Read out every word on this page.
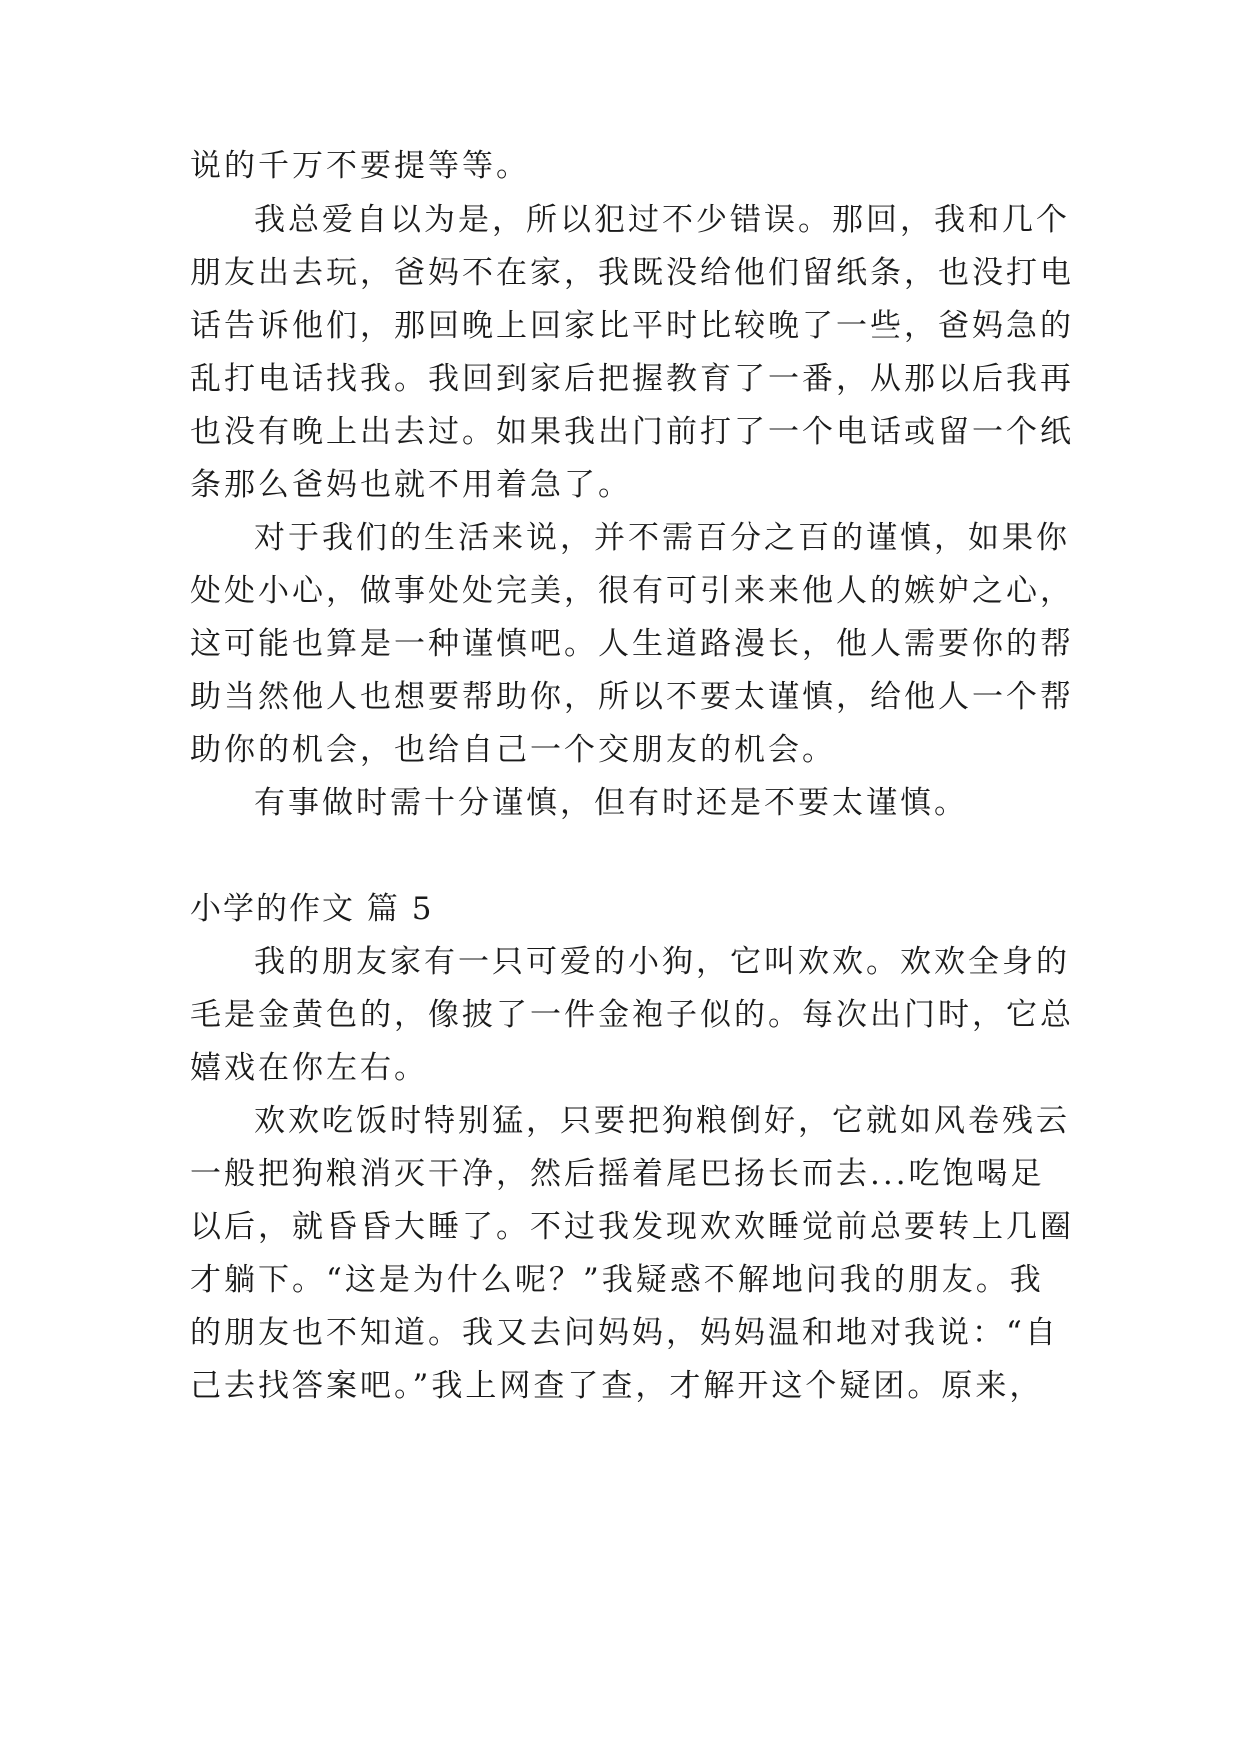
说的千万不要提等等。
我总爱自以为是，所以犯过不少错误。那回，我和几个
朋友出去玩，爸妈不在家，我既没给他们留纸条，也没打电
话告诉他们，那回晚上回家比平时比较晚了一些，爸妈急的
乱打电话找我。我回到家后把握教育了一番，从那以后我再
也没有晚上出去过。如果我出门前打了一个电话或留一个纸
条那么爸妈也就不用着急了。
对于我们的生活来说，并不需百分之百的谨慎，如果你
处处小心，做事处处完美，很有可引来来他人的嫉妒之心，
这可能也算是一种谨慎吧。人生道路漫长，他人需要你的帮
助当然他人也想要帮助你，所以不要太谨慎，给他人一个帮
助你的机会，也给自己一个交朋友的机会。
有事做时需十分谨慎，但有时还是不要太谨慎。
小学的作文 篇 5
我的朋友家有一只可爱的小狗，它叫欢欢。欢欢全身的
毛是金黄色的，像披了一件金袍子似的。每次出门时，它总
嬉戏在你左右。
欢欢吃饭时特别猛，只要把狗粮倒好，它就如风卷残云
一般把狗粮消灭干净，然后摇着尾巴扬长而去...吃饱喝足
以后，就昏昏大睡了。不过我发现欢欢睡觉前总要转上几圈
才躺下。“这是为什么呢？”我疑惑不解地问我的朋友。我
的朋友也不知道。我又去问妈妈，妈妈温和地对我说：“自
己去找答案吧。”我上网查了查，才解开这个疑团。原来，
